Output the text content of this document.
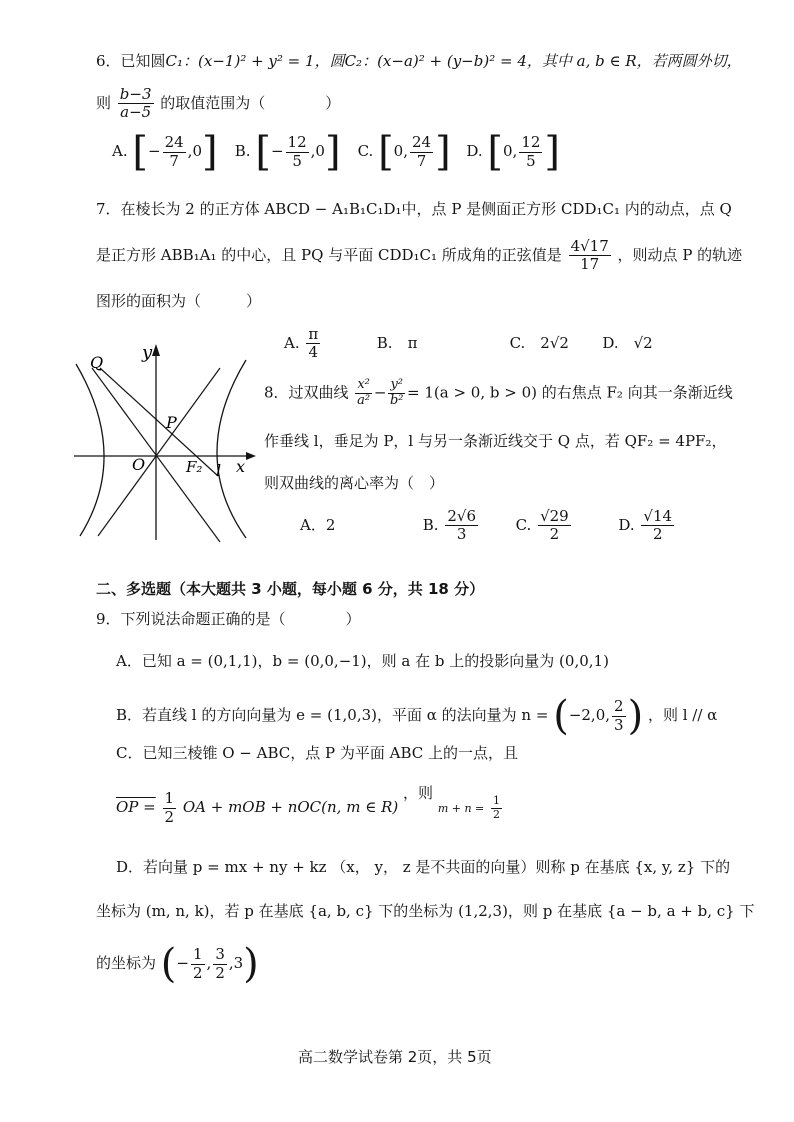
6．已知圆C₁：(x−1)² + y² = 1，圆C₂：(x−a)² + (y−b)² = 4，其中 a, b ∈ R，若两圆外切，
则 $\frac{b-3}{a-5}$ 的取值范围为（　　　　）
A. [− $\frac{24}{7} ,0$] B. [− $\frac{12}{5} ,0$] C. [0, $\frac{24}{7}$ ] D. [0, $\frac{12}{5}$ ]
7．在棱长为 2 的正方体 ABCD − A₁B₁C₁D₁中，点 P 是侧面正方形 CDD₁C₁ 内的动点，点 Q
是正方形 ABB₁A₁ 的中心，且 PQ 与平面 CDD₁C₁ 所成角的正弦值是 $\frac{4√17}{17}$ ，则动点 P 的轨迹
图形的面积为（　　　）
A. $\frac{\pi}{4}$	B.　π	C.　2√2 D.　√2
y
x
Q
P
O	F₂ l
8．过双曲线 $\frac{\text{x²}}{\text{a²}} - \frac{\text{y²}}{\text{b²}} = 1(a > 0$, b > 0) 的右焦点 F₂ 向其一条渐近线
作垂线 l，垂足为 P，l 与另一条渐近线交于 Q 点，若 QF₂ = 4PF₂，
则双曲线的离心率为（　）
A．2	B. $\frac{2√6}{3}$	C. $\frac{√29}{2}$	D. $\frac{√14}{2}$
二、多选题（本大题共 3 小题，每小题 6 分，共 18 分）
9．下列说法命题正确的是（　　　　）
A．已知 a = (0,1,1)，b = (0,0,−1)，则 a 在 b 上的投影向量为 (0,0,1)
B．若直线 l 的方向向量为 e = (1,0,3)，平面 α 的法向量为 n = (−2,0, $\frac{2}{3}$ ) ，则 l // α
C．已知三棱锥 O − ABC，点 P 为平面 ABC 上的一点，且
OP = $\frac{1}{2}$ OA + mOB + nOC(n, m ∈ R) ，则 $m + n = \frac{1}{2}$
D．若向量 p = mx + ny + kz （x， y， z 是不共面的向量）则称 p 在基底 {x, y, z} 下的
坐标为 (m, n, k)，若 p 在基底 {a, b, c} 下的坐标为 (1,2,3)，则 p 在基底 {a − b, a + b, c} 下
的坐标为 (− $\frac{1}{2}$ , $\frac{3}{2} ,3$)
高二数学试卷第 2页，共 5页
